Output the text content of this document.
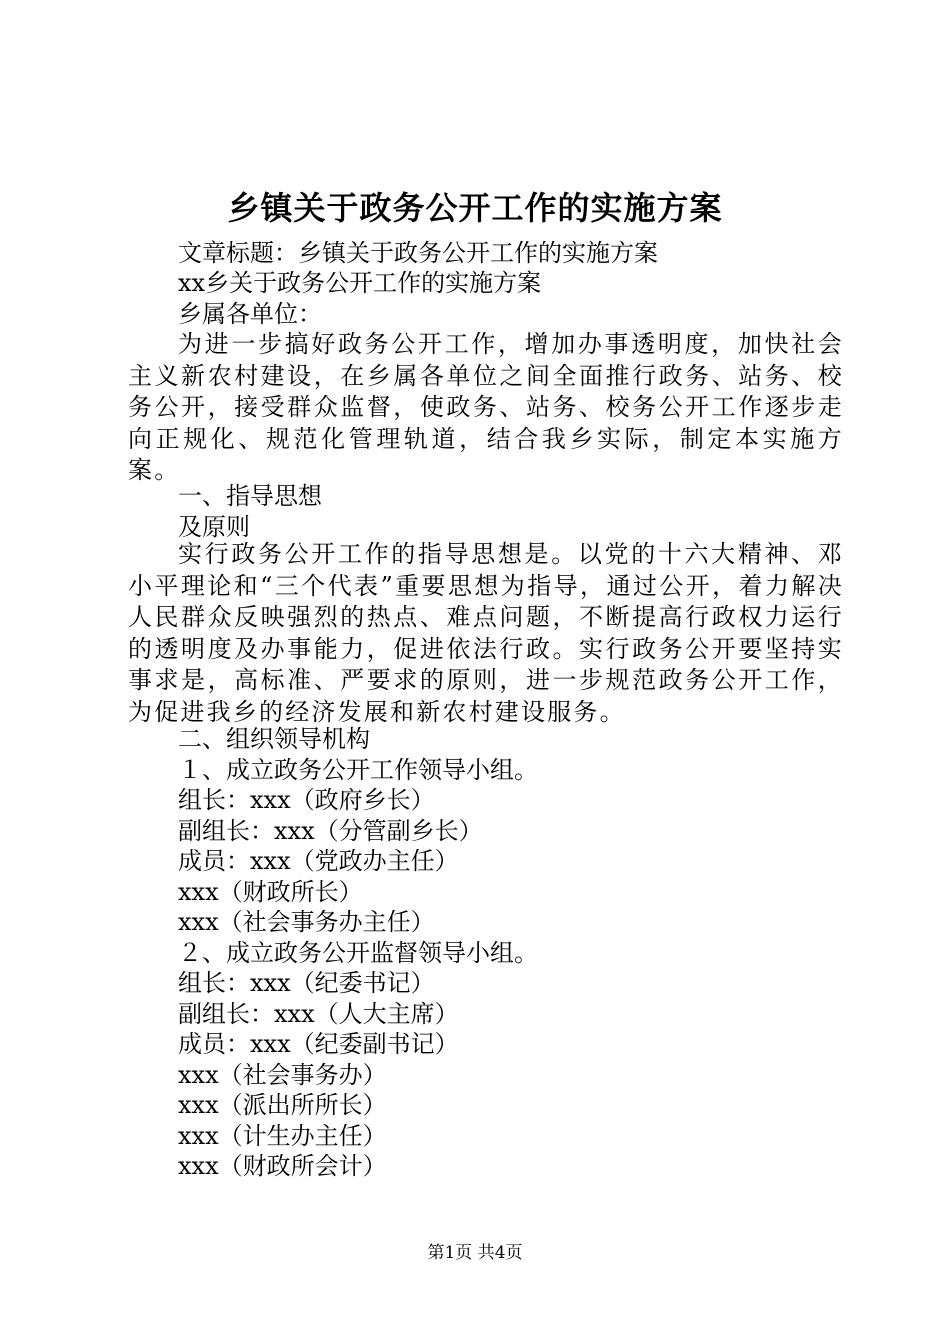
乡镇关于政务公开工作的实施方案
文章标题：乡镇关于政务公开工作的实施方案
xx乡关于政务公开工作的实施方案
乡属各单位：
为进一步搞好政务公开工作，增加办事透明度，加快社会主义新农村建设，在乡属各单位之间全面推行政务、站务、校务公开，接受群众监督，使政务、站务、校务公开工作逐步走向正规化、规范化管理轨道，结合我乡实际，制定本实施方案。
一、指导思想
及原则
实行政务公开工作的指导思想是。以党的十六大精神、邓小平理论和“三个代表”重要思想为指导，通过公开，着力解决人民群众反映强烈的热点、难点问题，不断提高行政权力运行的透明度及办事能力，促进依法行政。实行政务公开要坚持实事求是，高标准、严要求的原则，进一步规范政务公开工作，为促进我乡的经济发展和新农村建设服务。
二、组织领导机构
１、成立政务公开工作领导小组。
组长：xxx（政府乡长）
副组长：xxx（分管副乡长）
成员：xxx（党政办主任）
xxx（财政所长）
xxx（社会事务办主任）
２、成立政务公开监督领导小组。
组长：xxx（纪委书记）
副组长：xxx（人大主席）
成员：xxx（纪委副书记）
xxx（社会事务办）
xxx（派出所所长）
xxx（计生办主任）
xxx（财政所会计）
第1页 共4页
